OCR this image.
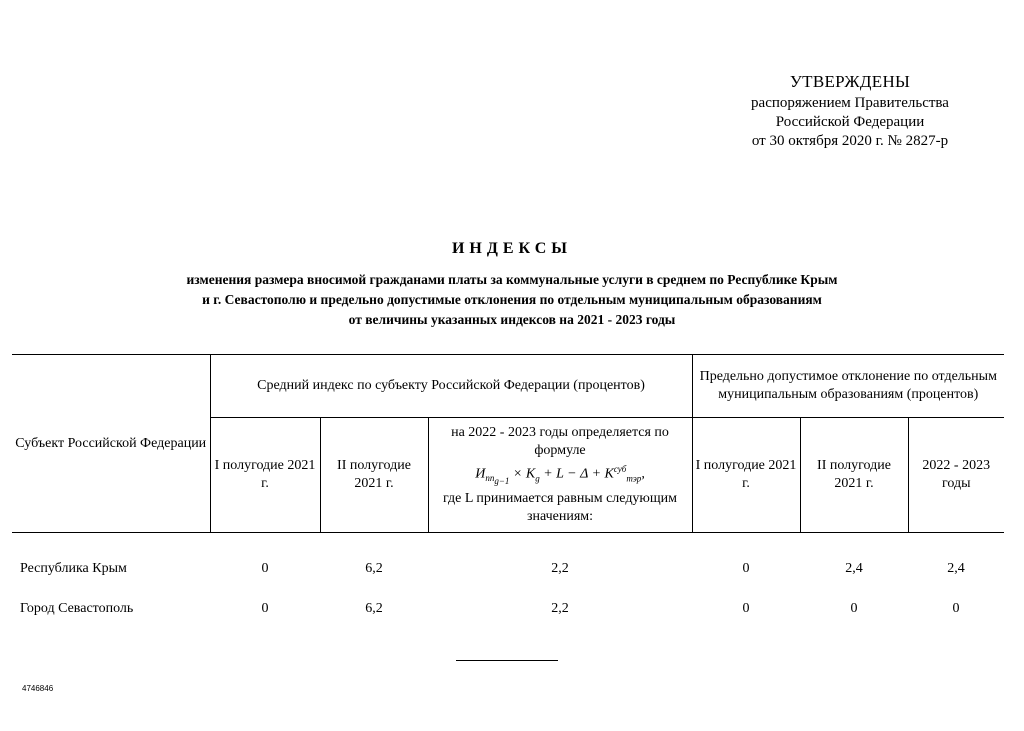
УТВЕРЖДЕНЫ
распоряжением Правительства
Российской Федерации
от 30 октября 2020 г. № 2827-р
ИНДЕКСЫ
изменения размера вносимой гражданами платы за коммунальные услуги в среднем по Республике Крым
и г. Севастополю и предельно допустимые отклонения по отдельным муниципальным образованиям
от величины указанных индексов на 2021 - 2023 годы
Субъект Российской Федерации	Средний индекс по субъекту Российской Федерации (процентов)			Предельно допустимое отклонение по отдельным муниципальным образованиям (процентов)		
	I полугодие 2021 г.	II полугодие 2021 г.	на 2022 - 2023 годы определяется по формуле
$И_{пп_{g-1}} \times K_g + L - \Delta + K^{суб}_{тэр}$,
где L принимается равным следующим значениям:	I полугодие 2021 г.	II полугодие 2021 г.	2022 - 2023 годы
Республика Крым	0	6,2	2,2	0	2,4	2,4
Город Севастополь	0	6,2	2,2	0	0	0
4746846
